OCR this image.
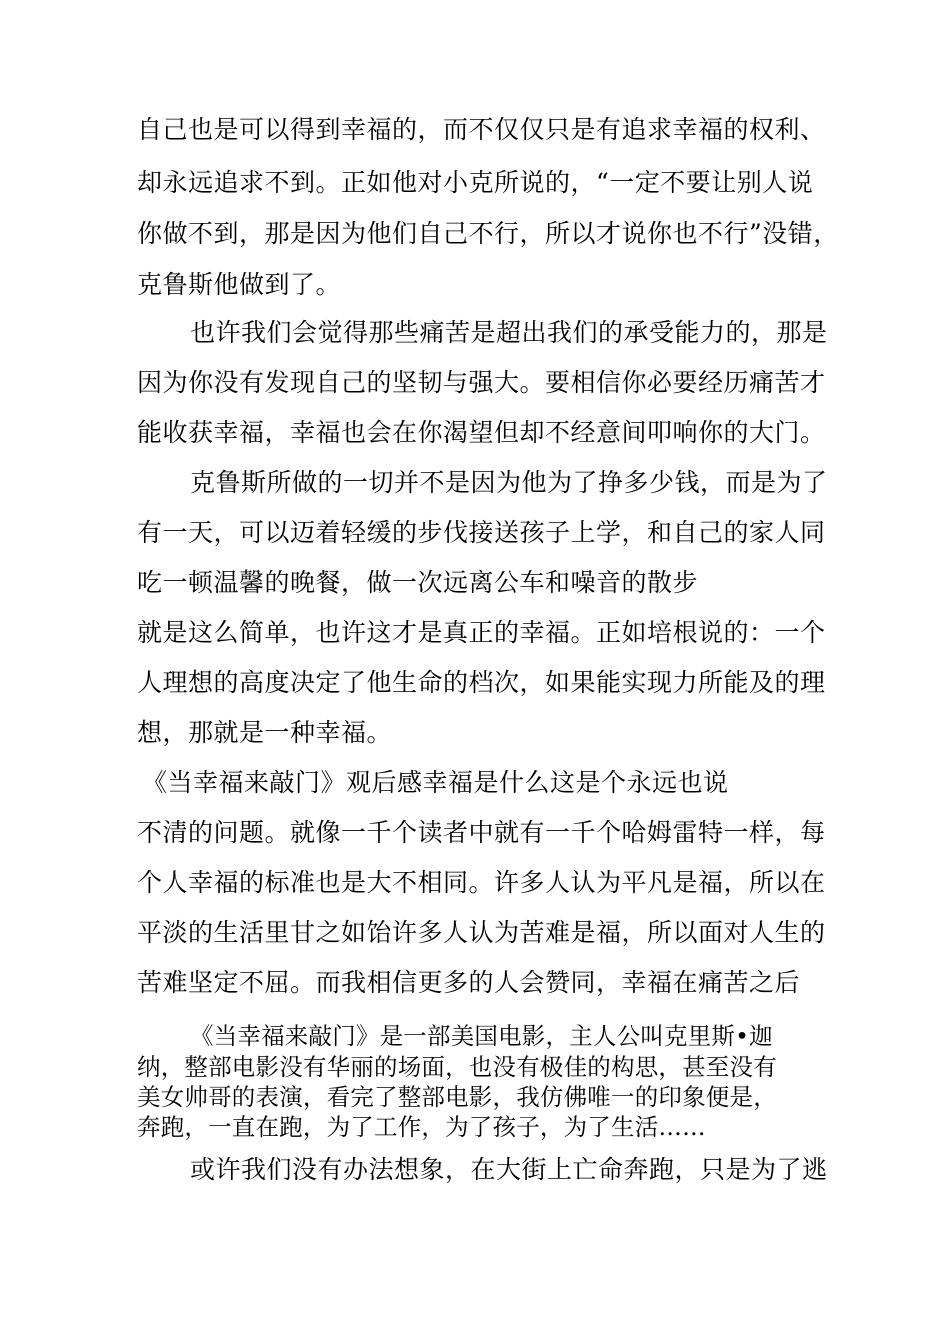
自己也是可以得到幸福的，而不仅仅只是有追求幸福的权利、
却永远追求不到。正如他对小克所说的，“一定不要让别人说
你做不到，那是因为他们自己不行，所以才说你也不行”没错，
克鲁斯他做到了。
也许我们会觉得那些痛苦是超出我们的承受能力的，那是
因为你没有发现自己的坚韧与强大。要相信你必要经历痛苦才
能收获幸福，幸福也会在你渴望但却不经意间叩响你的大门。
克鲁斯所做的一切并不是因为他为了挣多少钱，而是为了
有一天，可以迈着轻缓的步伐接送孩子上学，和自己的家人同
吃一顿温馨的晚餐，做一次远离公车和噪音的散步
就是这么简单，也许这才是真正的幸福。正如培根说的：一个
人理想的高度决定了他生命的档次，如果能实现力所能及的理
想，那就是一种幸福。
《当幸福来敲门》观后感幸福是什么这是个永远也说
不清的问题。就像一千个读者中就有一千个哈姆雷特一样，每
个人幸福的标准也是大不相同。许多人认为平凡是福，所以在
平淡的生活里甘之如饴许多人认为苦难是福，所以面对人生的
苦难坚定不屈。而我相信更多的人会赞同，幸福在痛苦之后
《当幸福来敲门》是一部美国电影，主人公叫克里斯•迦
纳，整部电影没有华丽的场面，也没有极佳的构思，甚至没有
美女帅哥的表演，看完了整部电影，我仿佛唯一的印象便是，
奔跑，一直在跑，为了工作，为了孩子，为了生活……
或许我们没有办法想象，在大街上亡命奔跑，只是为了逃
